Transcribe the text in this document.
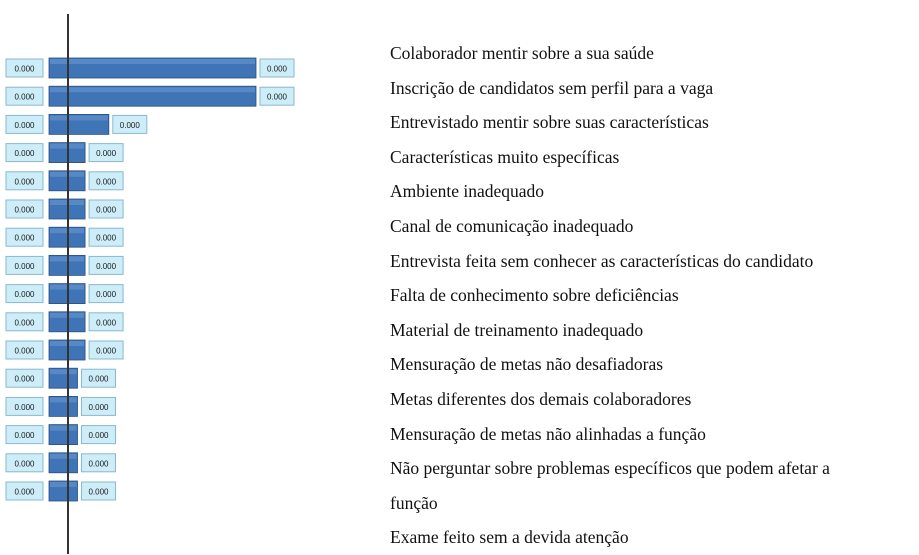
0.000	0.000
0.000	0.000
0.000	0.000
0.000	0.000
0.000	0.000
0.000	0.000
0.000	0.000
0.000	0.000
0.000	0.000
0.000	0.000
0.000	0.000
0.000	0.000
0.000	0.000
0.000	0.000
0.000	0.000
0.000	0.000
Colaborador mentir sobre a sua saúde
Inscrição de candidatos sem perfil para a vaga
Entrevistado mentir sobre suas características
Características muito específicas
Ambiente inadequado
Canal de comunicação inadequado
Entrevista feita sem conhecer as características do candidato
Falta de conhecimento sobre deficiências
Material de treinamento inadequado
Mensuração de metas não desafiadoras
Metas diferentes dos demais colaboradores
Mensuração de metas não alinhadas a função
Não perguntar sobre problemas específicos que podem afetar a
função
Exame feito sem a devida atenção
